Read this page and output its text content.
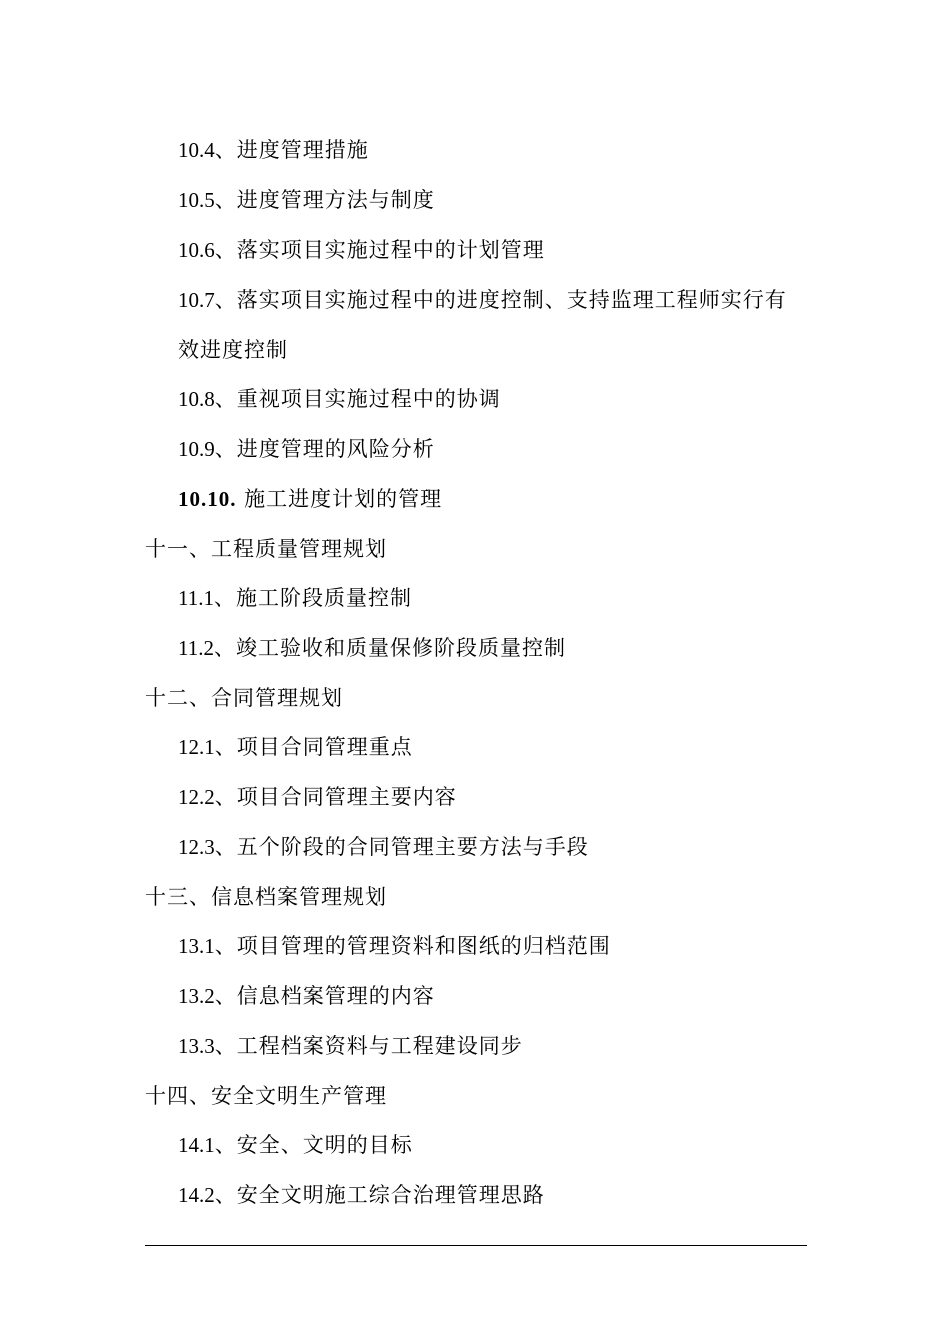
10.4、进度管理措施
10.5、进度管理方法与制度
10.6、落实项目实施过程中的计划管理
10.7、落实项目实施过程中的进度控制、支持监理工程师实行有
效进度控制
10.8、重视项目实施过程中的协调
10.9、进度管理的风险分析
10.10. 施工进度计划的管理
十一、工程质量管理规划
11.1、施工阶段质量控制
11.2、竣工验收和质量保修阶段质量控制
十二、合同管理规划
12.1、项目合同管理重点
12.2、项目合同管理主要内容
12.3、五个阶段的合同管理主要方法与手段
十三、信息档案管理规划
13.1、项目管理的管理资料和图纸的归档范围
13.2、信息档案管理的内容
13.3、工程档案资料与工程建设同步
十四、安全文明生产管理
14.1、安全、文明的目标
14.2、安全文明施工综合治理管理思路
